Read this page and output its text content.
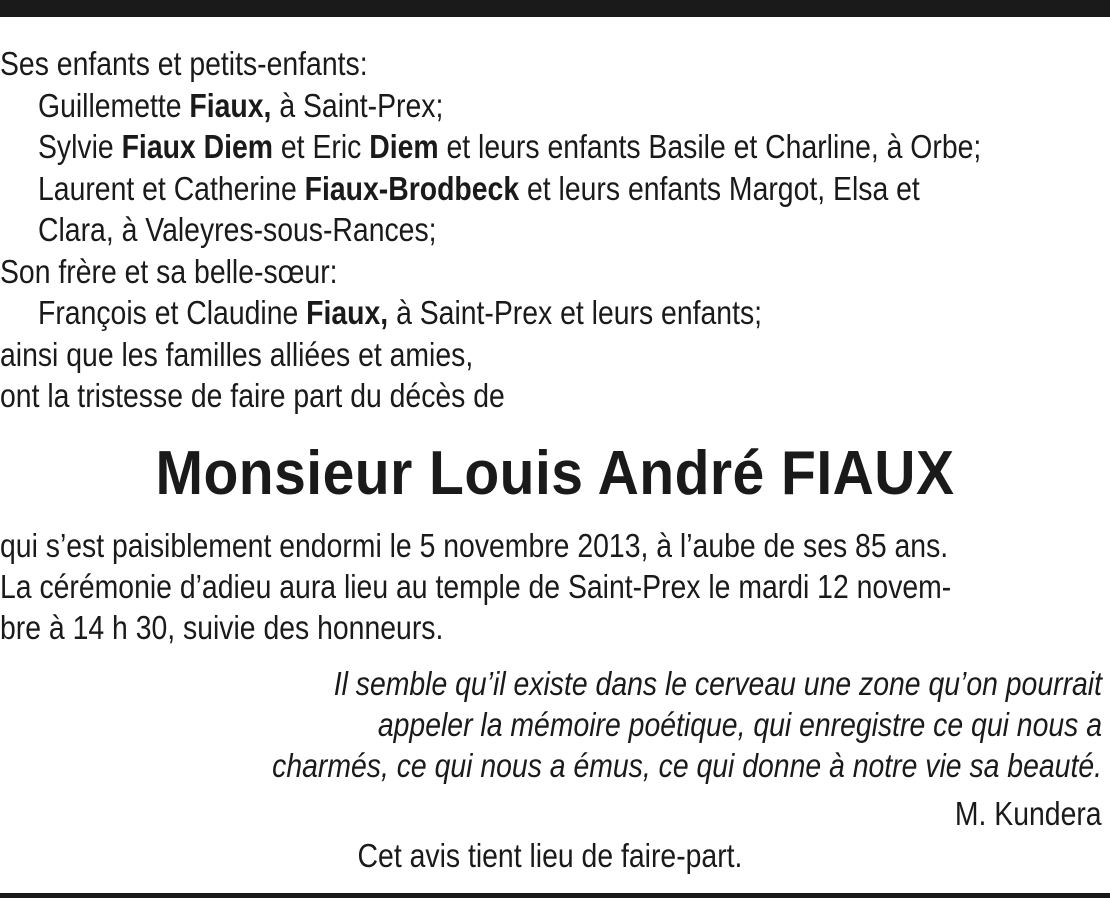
Ses enfants et petits-enfants:
Guillemette Fiaux, à Saint-Prex;
Sylvie Fiaux Diem et Eric Diem et leurs enfants Basile et Charline, à Orbe;
Laurent et Catherine Fiaux-Brodbeck et leurs enfants Margot, Elsa et
Clara, à Valeyres-sous-Rances;
Son frère et sa belle-sœur:
François et Claudine Fiaux, à Saint-Prex et leurs enfants;
ainsi que les familles alliées et amies,
ont la tristesse de faire part du décès de
Monsieur Louis André FIAUX
qui s’est paisiblement endormi le 5 novembre 2013, à l’aube de ses 85 ans.
La cérémonie d’adieu aura lieu au temple de Saint-Prex le mardi 12 novem-
bre à 14 h 30, suivie des honneurs.
Il semble qu’il existe dans le cerveau une zone qu’on pourrait
appeler la mémoire poétique, qui enregistre ce qui nous a
charmés, ce qui nous a émus, ce qui donne à notre vie sa beauté.
M. Kundera
Cet avis tient lieu de faire-part.
